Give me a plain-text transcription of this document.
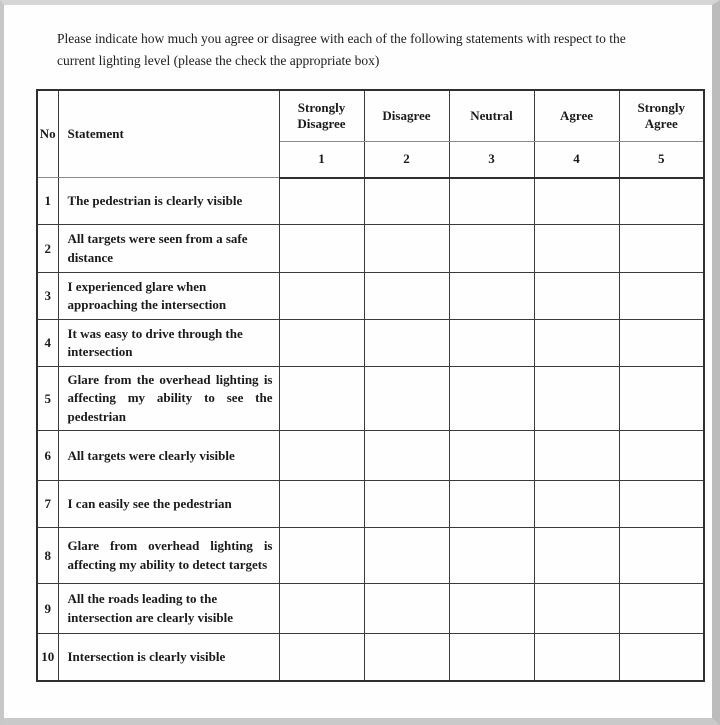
Please indicate how much you agree or disagree with each of the following statements with respect to the current lighting level (please the check the appropriate box)

No	Statement	Strongly Disagree	Disagree	Neutral	Agree	Strongly Agree
		1	2	3	4	5
1	The pedestrian is clearly visible					
2	All targets were seen from a safe distance					
3	I experienced glare when approaching the intersection					
4	It was easy to drive through the intersection					
5	Glare from the overhead lighting is affecting my ability to see the pedestrian					
6	All targets were clearly visible					
7	I can easily see the pedestrian					
8	Glare from overhead lighting is affecting my ability to detect targets					
9	All the roads leading to the intersection are clearly visible					
10	Intersection is clearly visible					
